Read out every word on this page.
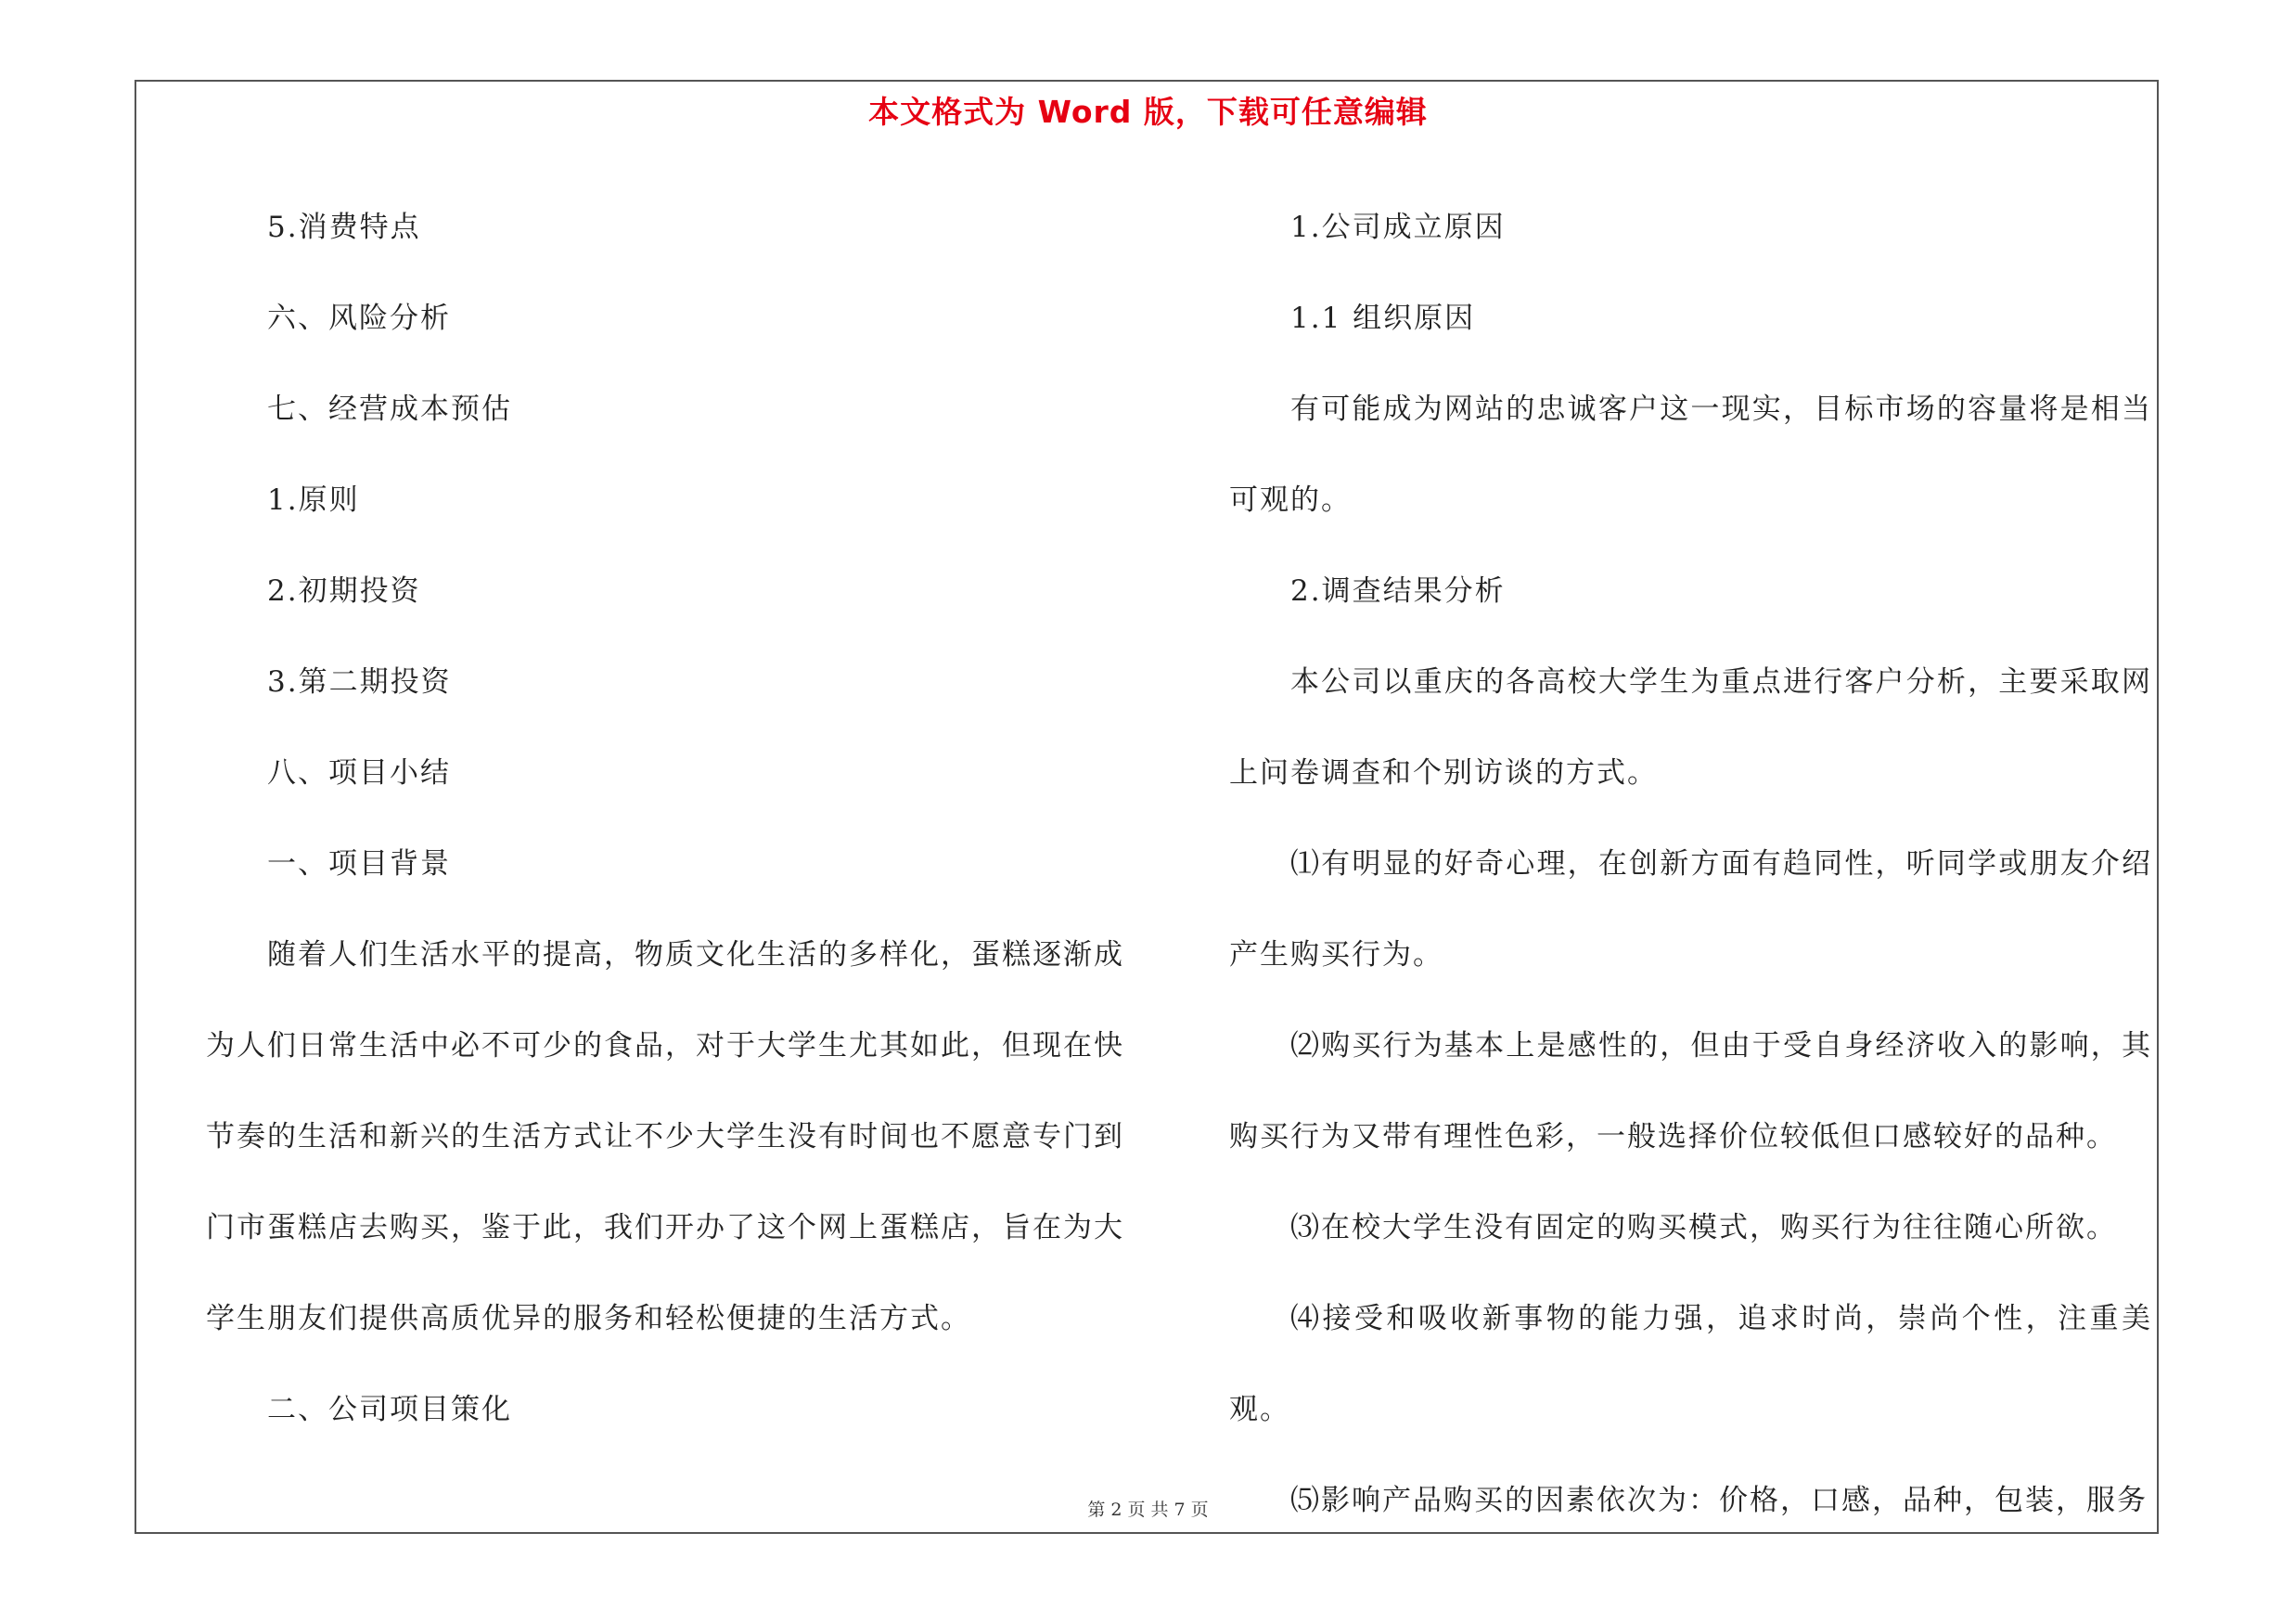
本文格式为 Word 版，下载可任意编辑

5.消费特点

六、风险分析

七、经营成本预估

1.原则

2.初期投资

3.第二期投资

八、项目小结

一、项目背景

随着人们生活水平的提高，物质文化生活的多样化，蛋糕逐渐成为人们日常生活中必不可少的食品，对于大学生尤其如此，但现在快节奏的生活和新兴的生活方式让不少大学生没有时间也不愿意专门到门市蛋糕店去购买，鉴于此，我们开办了这个网上蛋糕店，旨在为大学生朋友们提供高质优异的服务和轻松便捷的生活方式。

二、公司项目策化

1.公司成立原因

1.1 组织原因

有可能成为网站的忠诚客户这一现实，目标市场的容量将是相当可观的。

2.调查结果分析

本公司以重庆的各高校大学生为重点进行客户分析，主要采取网上问卷调查和个别访谈的方式。

⑴有明显的好奇心理，在创新方面有趋同性，听同学或朋友介绍产生购买行为。

⑵购买行为基本上是感性的，但由于受自身经济收入的影响，其购买行为又带有理性色彩，一般选择价位较低但口感较好的品种。

⑶在校大学生没有固定的购买模式，购买行为往往随心所欲。

⑷接受和吸收新事物的能力强，追求时尚，崇尚个性，注重美观。

⑸影响产品购买的因素依次为：价格，口感，品种，包装，服务

第 2 页 共 7 页
